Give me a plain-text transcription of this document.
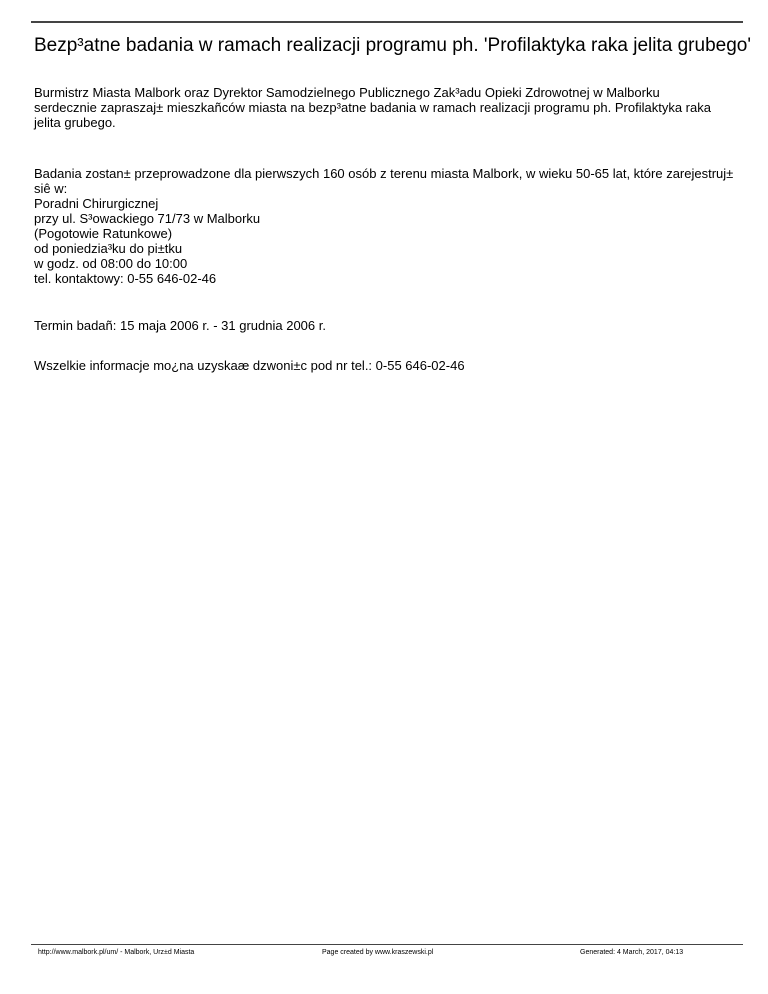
Bezp³atne badania w ramach realizacji programu ph. 'Profilaktyka raka jelita grubego'
Burmistrz Miasta Malbork oraz Dyrektor Samodzielnego Publicznego Zak³adu Opieki Zdrowotnej w Malborku
serdecznie zapraszaj± mieszkañców miasta na bezp³atne badania w ramach realizacji programu ph. Profilaktyka raka
jelita grubego.
Badania zostan± przeprowadzone dla pierwszych 160 osób z terenu miasta Malbork, w wieku 50-65 lat, które zarejestruj±
siê w:
Poradni Chirurgicznej
przy ul. S³owackiego 71/73 w Malborku
(Pogotowie Ratunkowe)
od poniedzia³ku do pi±tku
w godz. od 08:00 do 10:00
tel. kontaktowy: 0-55 646-02-46
Termin badañ: 15 maja 2006 r. - 31 grudnia 2006 r.
Wszelkie informacje mo¿na uzyskaæ dzwoni±c pod nr tel.: 0-55 646-02-46
http://www.malbork.pl/um/ - Malbork, Urz±d Miasta	Page created by www.kraszewski.pl	Generated: 4 March, 2017, 04:13
